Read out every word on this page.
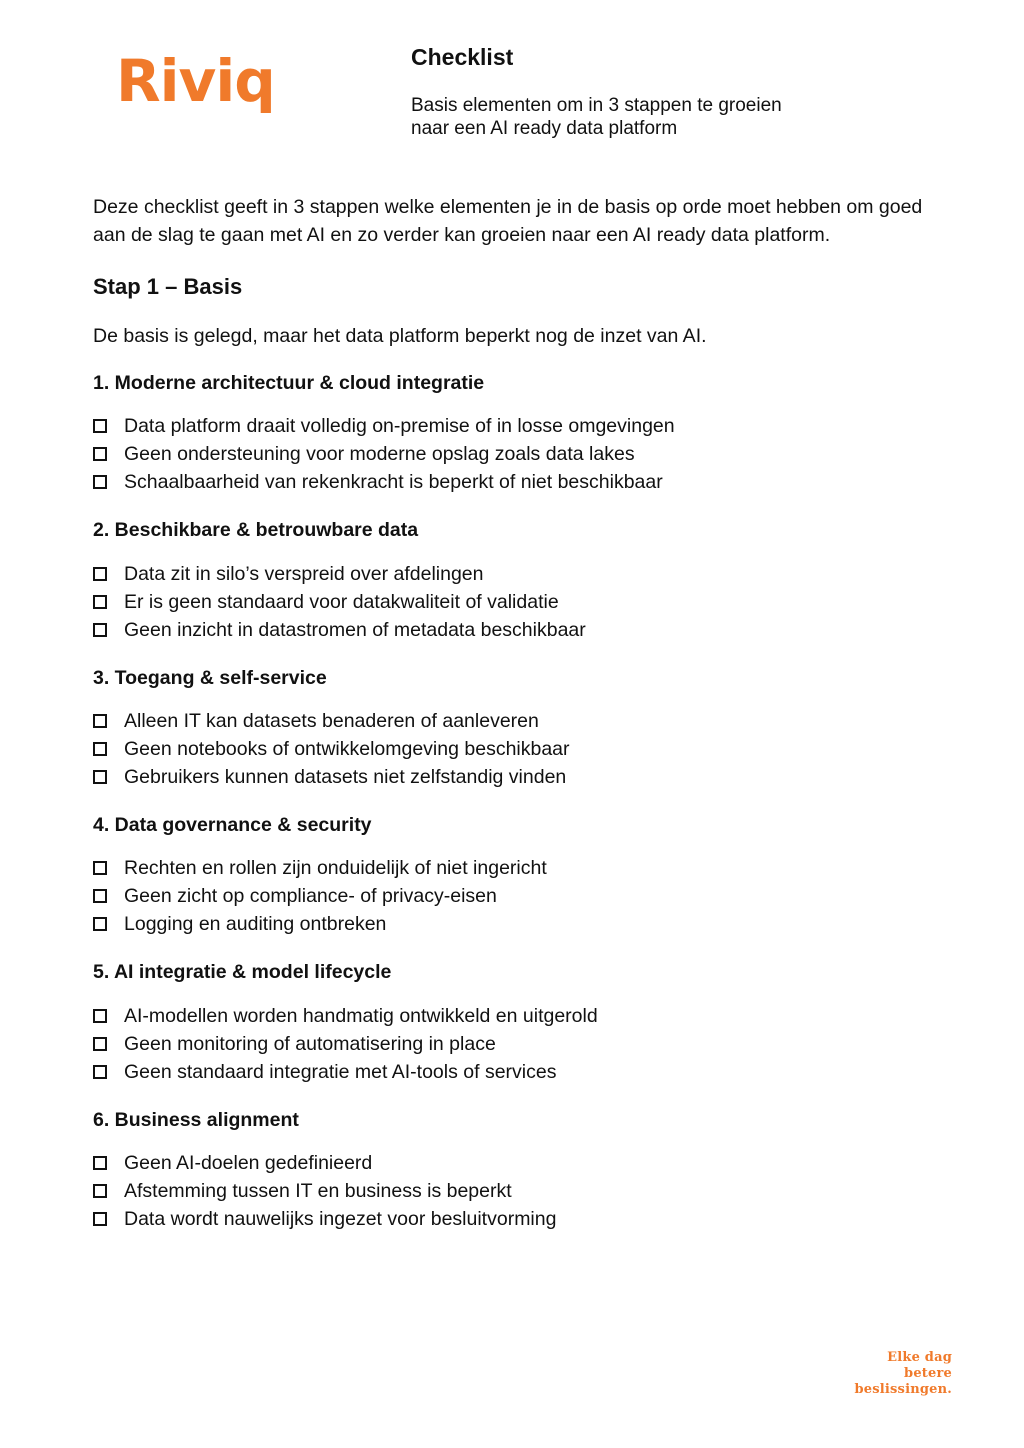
Riviq	Checklist

Basis elementen om in 3 stappen te groeien
naar een AI ready data platform

Deze checklist geeft in 3 stappen welke elementen je in de basis op orde moet hebben om goed aan de slag te gaan met AI en zo verder kan groeien naar een AI ready data platform.

Stap 1 – Basis

De basis is gelegd, maar het data platform beperkt nog de inzet van AI.

1. Moderne architectuur & cloud integratie
Data platform draait volledig on-premise of in losse omgevingen
Geen ondersteuning voor moderne opslag zoals data lakes
Schaalbaarheid van rekenkracht is beperkt of niet beschikbaar
2. Beschikbare & betrouwbare data
Data zit in silo’s verspreid over afdelingen
Er is geen standaard voor datakwaliteit of validatie
Geen inzicht in datastromen of metadata beschikbaar
3. Toegang & self-service
Alleen IT kan datasets benaderen of aanleveren
Geen notebooks of ontwikkelomgeving beschikbaar
Gebruikers kunnen datasets niet zelfstandig vinden
4. Data governance & security
Rechten en rollen zijn onduidelijk of niet ingericht
Geen zicht op compliance- of privacy-eisen
Logging en auditing ontbreken
5. AI integratie & model lifecycle
AI-modellen worden handmatig ontwikkeld en uitgerold
Geen monitoring of automatisering in place
Geen standaard integratie met AI-tools of services
6. Business alignment
Geen AI-doelen gedefinieerd
Afstemming tussen IT en business is beperkt
Data wordt nauwelijks ingezet voor besluitvorming
Elke dag
betere
beslissingen.
